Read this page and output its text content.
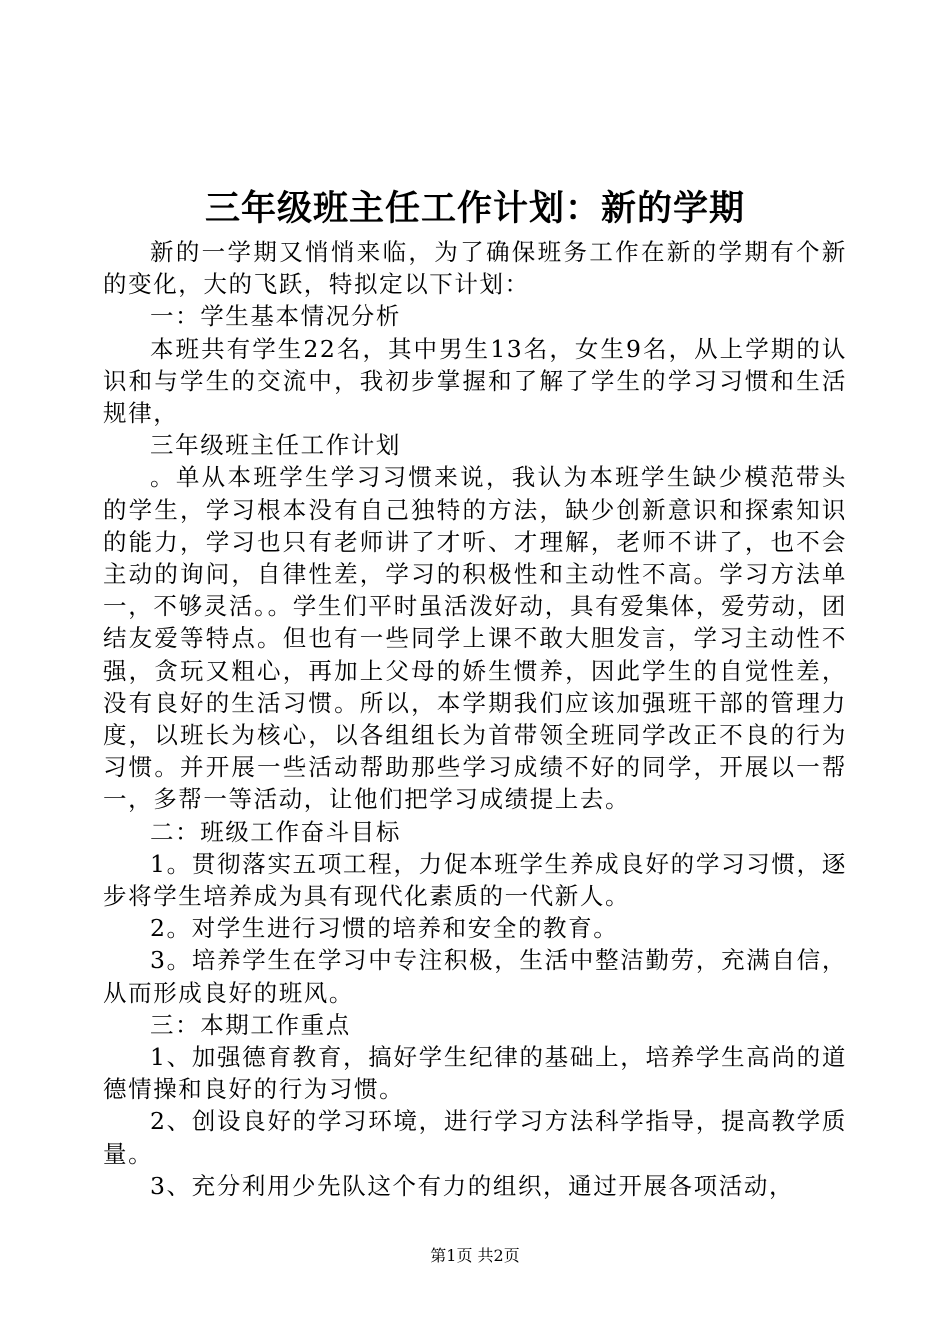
三年级班主任工作计划：新的学期

新的一学期又悄悄来临，为了确保班务工作在新的学期有个新的变化，大的飞跃，特拟定以下计划：

一：学生基本情况分析

本班共有学生22名，其中男生13名，女生9名，从上学期的认识和与学生的交流中，我初步掌握和了解了学生的学习习惯和生活规律，

三年级班主任工作计划

。单从本班学生学习习惯来说，我认为本班学生缺少模范带头的学生，学习根本没有自己独特的方法，缺少创新意识和探索知识的能力，学习也只有老师讲了才听、才理解，老师不讲了，也不会主动的询问，自律性差，学习的积极性和主动性不高。学习方法单一，不够灵活。。学生们平时虽活泼好动，具有爱集体，爱劳动，团结友爱等特点。但也有一些同学上课不敢大胆发言，学习主动性不强，贪玩又粗心，再加上父母的娇生惯养，因此学生的自觉性差，没有良好的生活习惯。所以，本学期我们应该加强班干部的管理力度，以班长为核心，以各组组长为首带领全班同学改正不良的行为习惯。并开展一些活动帮助那些学习成绩不好的同学，开展以一帮一，多帮一等活动，让他们把学习成绩提上去。

二：班级工作奋斗目标

1。贯彻落实五项工程，力促本班学生养成良好的学习习惯，逐步将学生培养成为具有现代化素质的一代新人。

2。对学生进行习惯的培养和安全的教育。

3。培养学生在学习中专注积极，生活中整洁勤劳，充满自信，从而形成良好的班风。

三：本期工作重点

1、加强德育教育，搞好学生纪律的基础上，培养学生高尚的道德情操和良好的行为习惯。

2、创设良好的学习环境，进行学习方法科学指导，提高教学质量。

3、充分利用少先队这个有力的组织，通过开展各项活动，

第1页 共2页
